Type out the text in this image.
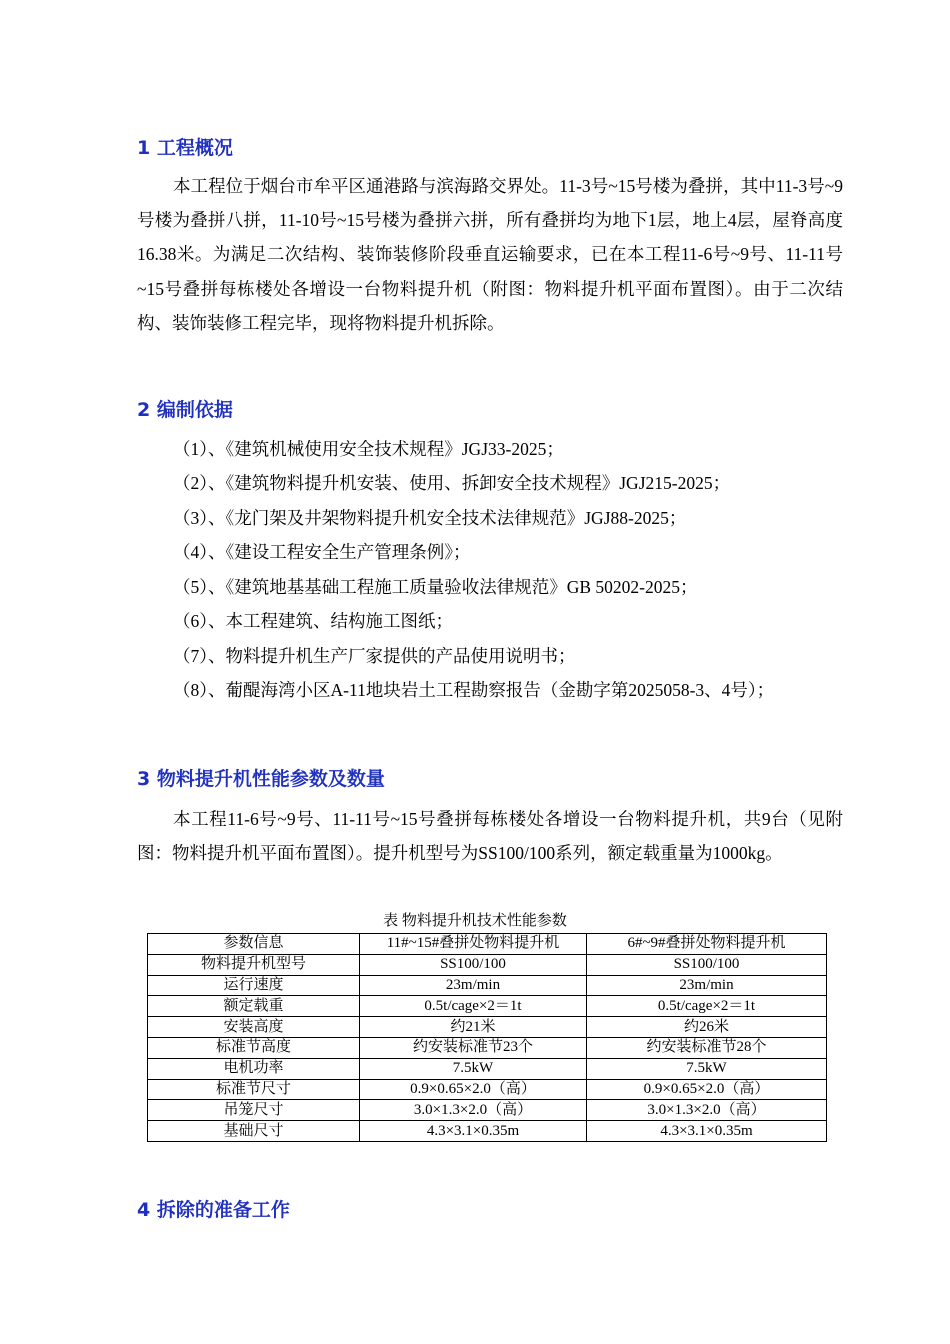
1 工程概况

本工程位于烟台市牟平区通港路与滨海路交界处。11-3号~15号楼为叠拼，其中11-3号~9号楼为叠拼八拼，11-10号~15号楼为叠拼六拼，所有叠拼均为地下1层，地上4层，屋脊高度16.38米。为满足二次结构、装饰装修阶段垂直运输要求，已在本工程11-6号~9号、11-11号~15号叠拼每栋楼处各增设一台物料提升机（附图：物料提升机平面布置图）。由于二次结构、装饰装修工程完毕，现将物料提升机拆除。

2 编制依据

（1）、《建筑机械使用安全技术规程》JGJ33-2025；

（2）、《建筑物料提升机安装、使用、拆卸安全技术规程》JGJ215-2025；

（3）、《龙门架及井架物料提升机安全技术法律规范》JGJ88-2025；

（4）、《建设工程安全生产管理条例》；

（5）、《建筑地基基础工程施工质量验收法律规范》GB 50202-2025；

（6）、本工程建筑、结构施工图纸；

（7）、物料提升机生产厂家提供的产品使用说明书；

（8）、葡醍海湾小区A-11地块岩土工程勘察报告（金勘字第2025058-3、4号）；

3 物料提升机性能参数及数量

本工程11-6号~9号、11-11号~15号叠拼每栋楼处各增设一台物料提升机，共9台（见附图：物料提升机平面布置图）。提升机型号为SS100/100系列，额定载重量为1000kg。

表 物料提升机技术性能参数
参数信息	11#~15#叠拼处物料提升机	6#~9#叠拼处物料提升机
物料提升机型号	SS100/100	SS100/100
运行速度	23m/min	23m/min
额定载重	0.5t/cage×2＝1t	0.5t/cage×2＝1t
安装高度	约21米	约26米
标准节高度	约安装标准节23个	约安装标准节28个
电机功率	7.5kW	7.5kW
标准节尺寸	0.9×0.65×2.0（高）	0.9×0.65×2.0（高）
吊笼尺寸	3.0×1.3×2.0（高）	3.0×1.3×2.0（高）
基础尺寸	4.3×3.1×0.35m	4.3×3.1×0.35m
4 拆除的准备工作
